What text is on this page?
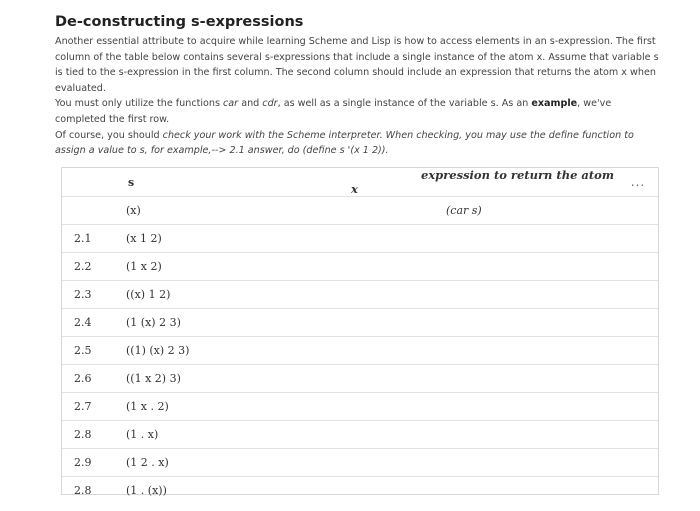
De-constructing s-expressions
Another essential attribute to acquire while learning Scheme and Lisp is how to access elements in an s-expression. The first column of the table below contains several s-expressions that include a single instance of the atom x. Assume that variable s is tied to the s-expression in the first column. The second column should include an expression that returns the atom x when evaluated.
You must only utilize the functions car and cdr, as well as a single instance of the variable s. As an example, we've completed the first row.
Of course, you should check your work with the Scheme interpreter. When checking, you may use the define function to assign a value to s, for example,--> 2.1 answer, do (define s '(x 1 2)).
	s	expression to return the atom x	...
	(x)	(car s)	
2.1	(x 1 2)		
2.2	(1 x 2)		
2.3	((x) 1 2)		
2.4	(1 (x) 2 3)		
2.5	((1) (x) 2 3)		
2.6	((1 x 2) 3)		
2.7	(1 x . 2)		
2.8	(1 . x)		
2.9	(1 2 . x)		
2.8	(1 . (x))		
